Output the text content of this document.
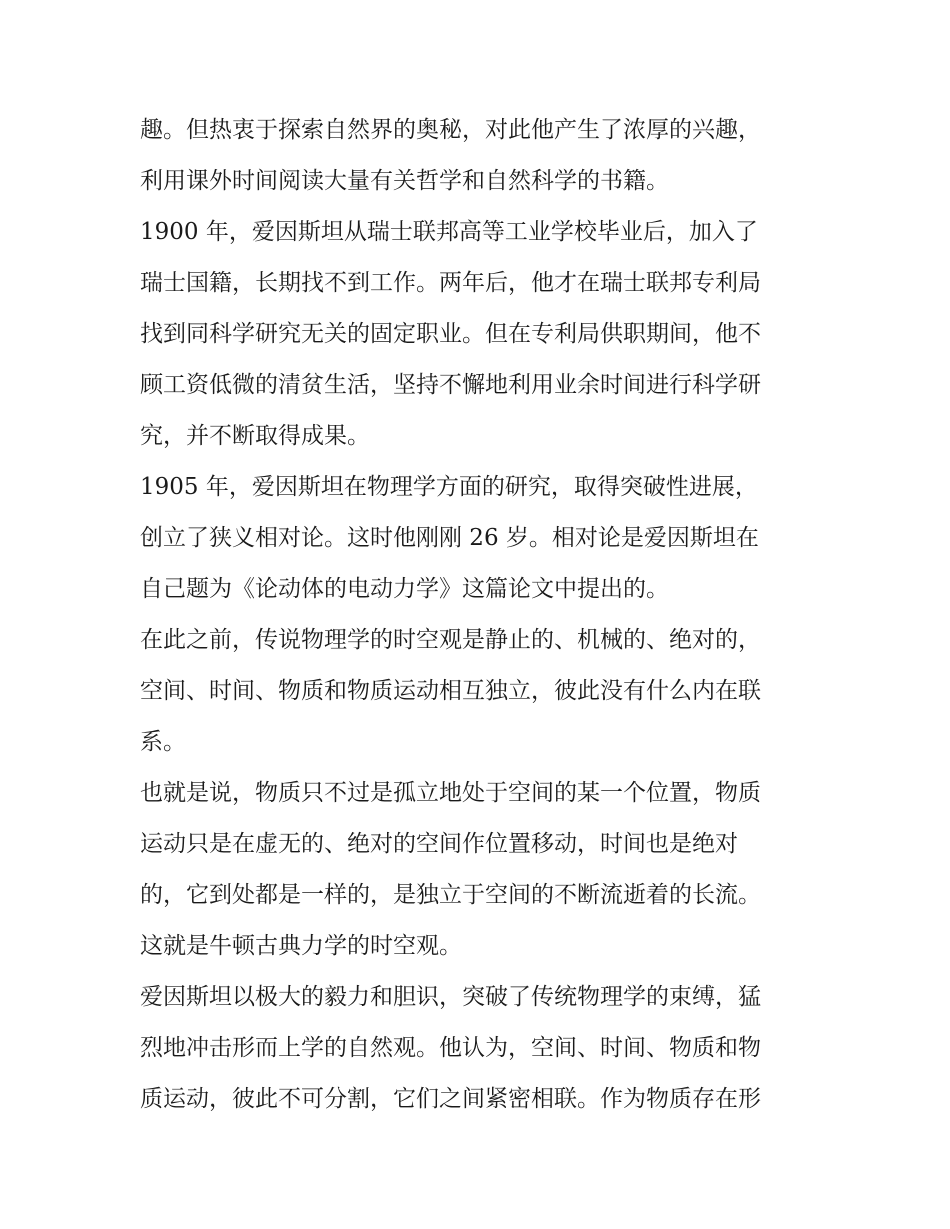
趣。但热衷于探索自然界的奥秘，对此他产生了浓厚的兴趣，
利用课外时间阅读大量有关哲学和自然科学的书籍。
1900 年，爱因斯坦从瑞士联邦高等工业学校毕业后，加入了
瑞士国籍，长期找不到工作。两年后，他才在瑞士联邦专利局
找到同科学研究无关的固定职业。但在专利局供职期间，他不
顾工资低微的清贫生活，坚持不懈地利用业余时间进行科学研
究，并不断取得成果。
1905 年，爱因斯坦在物理学方面的研究，取得突破性进展，
创立了狭义相对论。这时他刚刚 26 岁。相对论是爱因斯坦在
自己题为《论动体的电动力学》这篇论文中提出的。
在此之前，传说物理学的时空观是静止的、机械的、绝对的，
空间、时间、物质和物质运动相互独立，彼此没有什么内在联
系。
也就是说，物质只不过是孤立地处于空间的某一个位置，物质
运动只是在虚无的、绝对的空间作位置移动，时间也是绝对
的，它到处都是一样的，是独立于空间的不断流逝着的长流。
这就是牛顿古典力学的时空观。
爱因斯坦以极大的毅力和胆识，突破了传统物理学的束缚，猛
烈地冲击形而上学的自然观。他认为，空间、时间、物质和物
质运动，彼此不可分割，它们之间紧密相联。作为物质存在形
